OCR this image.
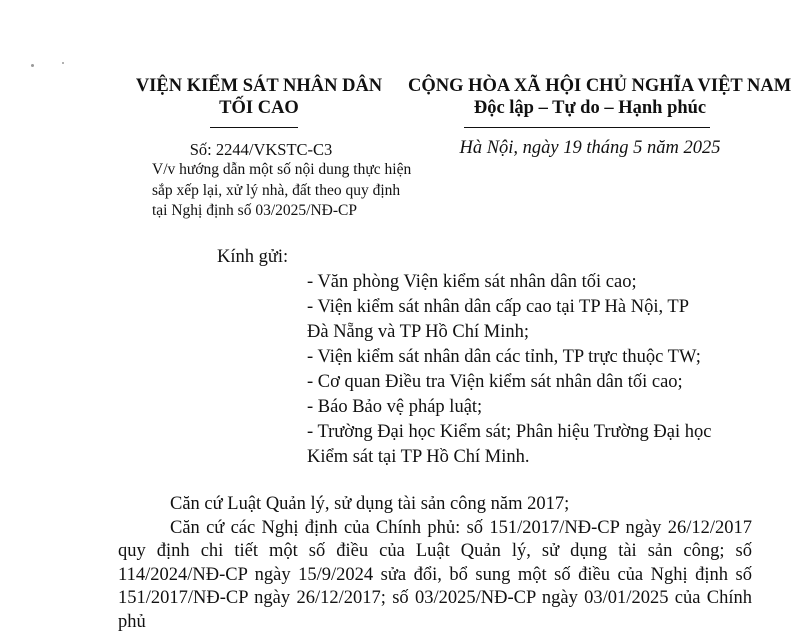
VIỆN KIỂM SÁT NHÂN DÂN
TỐI CAO
CỘNG HÒA XÃ HỘI CHỦ NGHĨA VIỆT NAM
Độc lập – Tự do – Hạnh phúc
Số: 2244/VKSTC-C3
V/v hướng dẫn một số nội dung thực hiện
sắp xếp lại, xử lý nhà, đất theo quy định
tại Nghị định số 03/2025/NĐ-CP
Hà Nội, ngày 19 tháng 5 năm 2025
Kính gửi:
- Văn phòng Viện kiểm sát nhân dân tối cao;
- Viện kiểm sát nhân dân cấp cao tại TP Hà Nội, TP
Đà Nẵng và TP Hồ Chí Minh;
- Viện kiểm sát nhân dân các tỉnh, TP trực thuộc TW;
- Cơ quan Điều tra Viện kiểm sát nhân dân tối cao;
- Báo Bảo vệ pháp luật;
- Trường Đại học Kiểm sát; Phân hiệu Trường Đại học
Kiểm sát tại TP Hồ Chí Minh.
Căn cứ Luật Quản lý, sử dụng tài sản công năm 2017;
Căn cứ các Nghị định của Chính phủ: số 151/2017/NĐ-CP ngày 26/12/2017 quy định chi tiết một số điều của Luật Quản lý, sử dụng tài sản công; số 114/2024/NĐ-CP ngày 15/9/2024 sửa đổi, bổ sung một số điều của Nghị định số 151/2017/NĐ-CP ngày 26/12/2017; số 03/2025/NĐ-CP ngày 03/01/2025 của Chính phủ
